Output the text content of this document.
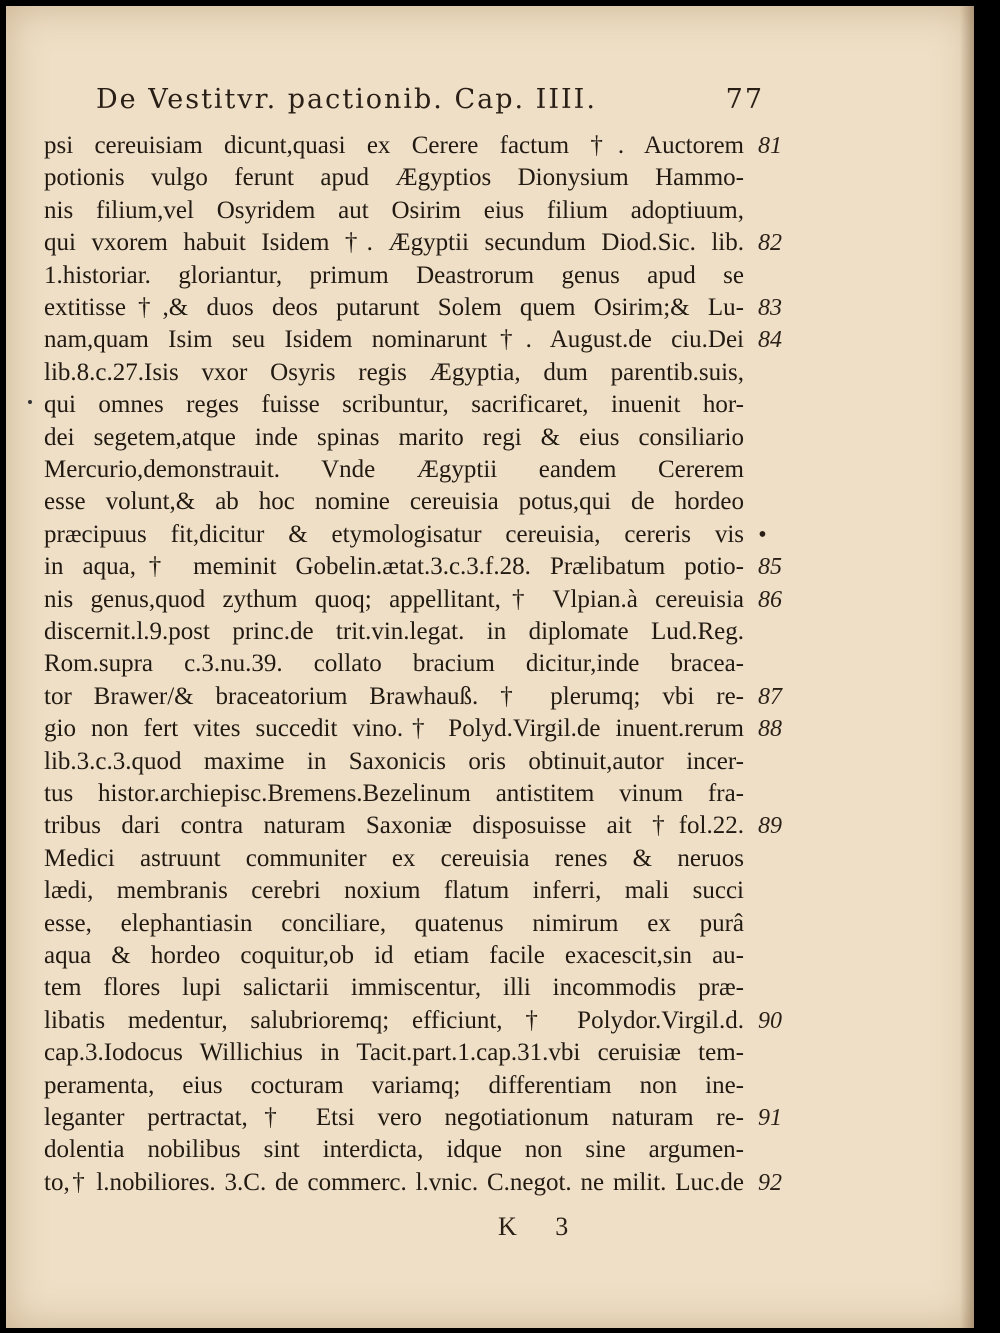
De Vestitvr. pactionib. Cap. IIII.	77
psi cereuisiam dicunt,quasi ex Cerere factum †. Auctorem
potionis vulgo ferunt apud Ægyptios Dionysium Hammo-
nis filium,vel Osyridem aut Osirim eius filium adoptiuum,
qui vxorem habuit Isidem †. Ægyptii secundum Diod.Sic. lib.
1.historiar. gloriantur, primum Deastrorum genus apud se
extitisse†,& duos deos putarunt Solem quem Osirim;& Lu-
nam,quam Isim seu Isidem nominarunt†. August.de ciu.Dei
lib.8.c.27.Isis vxor Osyris regis Ægyptia, dum parentib.suis,
qui omnes reges fuisse scribuntur, sacrificaret, inuenit hor-
dei segetem,atque inde spinas marito regi & eius consiliario
Mercurio,demonstrauit. Vnde Ægyptii eandem Cererem
esse volunt,& ab hoc nomine cereuisia potus,qui de hordeo
præcipuus fit,dicitur & etymologisatur cereuisia, cereris vis
in aqua,† meminit Gobelin.ætat.3.c.3.f.28. Prælibatum potio-
nis genus,quod zythum quoq; appellitant,† Vlpian.à cereuisia
discernit.l.9.post princ.de trit.vin.legat. in diplomate Lud.Reg.
Rom.supra c.3.nu.39. collato bracium dicitur,inde bracea-
tor Brawer/& braceatorium Brawhauß. † plerumq; vbi re-
gio non fert vites succedit vino.† Polyd.Virgil.de inuent.rerum
lib.3.c.3.quod maxime in Saxonicis oris obtinuit,autor incer-
tus histor.archiepisc.Bremens.Bezelinum antistitem vinum fra-
tribus dari contra naturam Saxoniæ disposuisse ait †fol.22.
Medici astruunt communiter ex cereuisia renes & neruos
lædi, membranis cerebri noxium flatum inferri, mali succi
esse, elephantiasin conciliare, quatenus nimirum ex purâ
aqua & hordeo coquitur,ob id etiam facile exacescit,sin au-
tem flores lupi salictarii immiscentur, illi incommodis præ-
libatis medentur, salubrioremq; efficiunt, † Polydor.Virgil.d.
cap.3.Iodocus Willichius in Tacit.part.1.cap.31.vbi ceruisiæ tem-
peramenta, eius cocturam variamq; differentiam non ine-
leganter pertractat,† Etsi vero negotiationum naturam re-
dolentia nobilibus sint interdicta, idque non sine argumen-
to,† l.nobiliores. 3.C. de commerc. l.vnic. C.negot. ne milit. Luc.de
81
82
83
84
•
85
86
87
88
89
90
91
92
K 3
